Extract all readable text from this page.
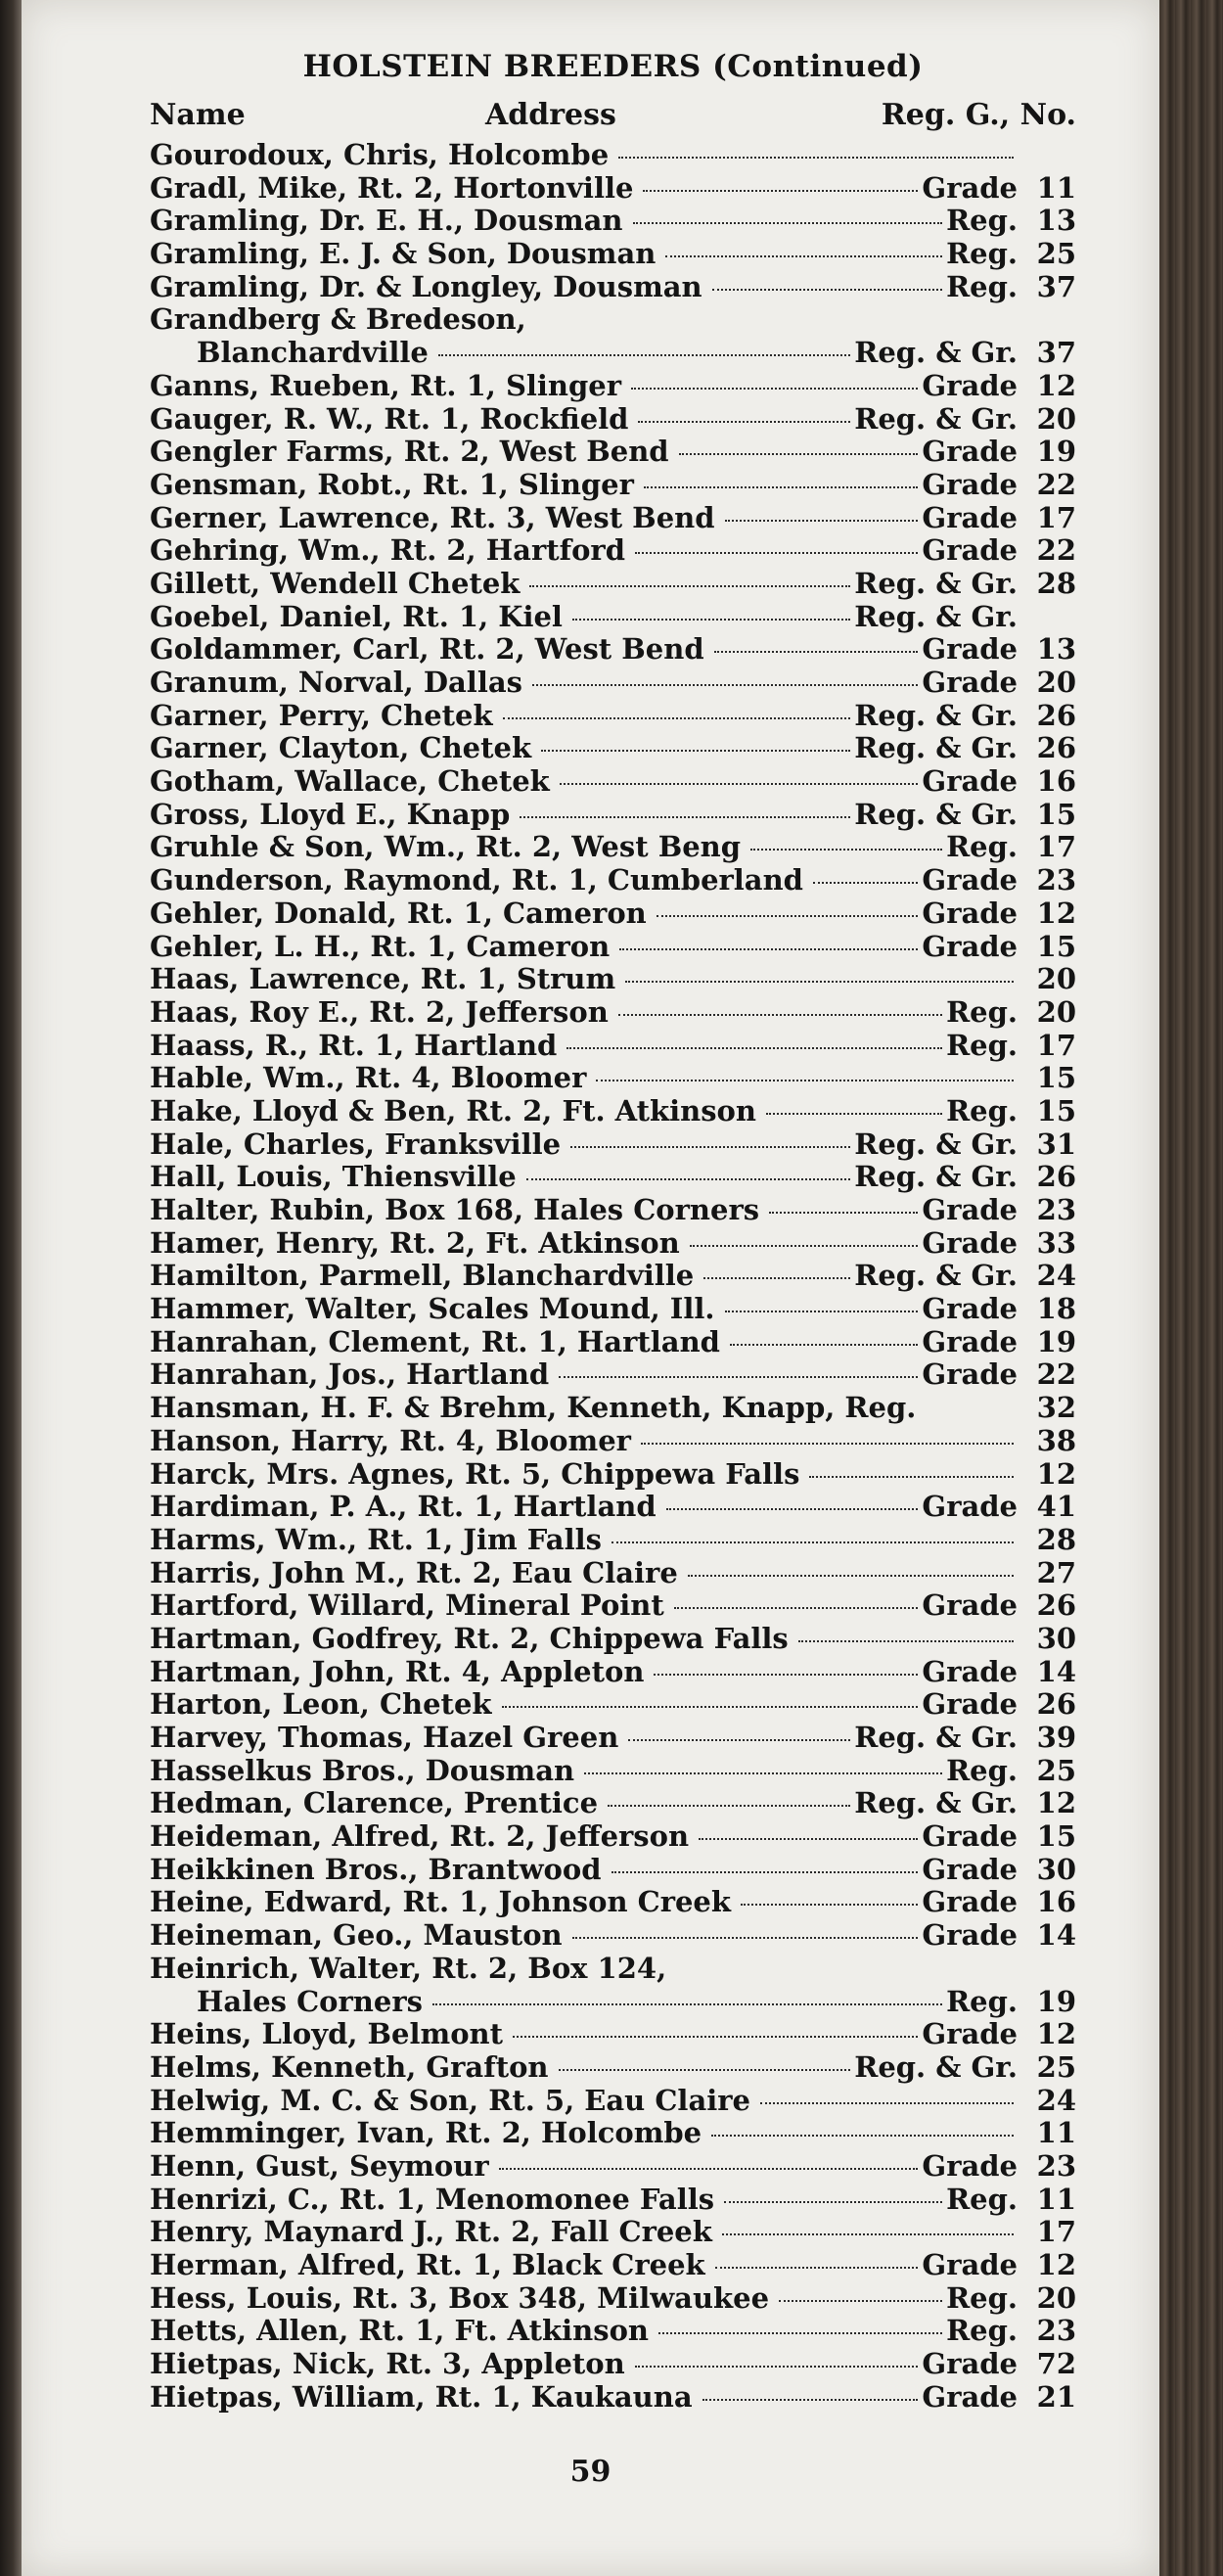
HOLSTEIN BREEDERS (Continued)
Name	Address	Reg. G., No.
Gourodoux, Chris, Holcombe
Gradl, Mike, Rt. 2, Hortonville	Grade 11
Gramling, Dr. E. H., Dousman	Reg. 13
Gramling, E. J. & Son, Dousman	Reg. 25
Gramling, Dr. & Longley, Dousman	Reg. 37
Grandberg & Bredeson,
Blanchardville	Reg. & Gr. 37
Ganns, Rueben, Rt. 1, Slinger	Grade 12
Gauger, R. W., Rt. 1, Rockfield	Reg. & Gr. 20
Gengler Farms, Rt. 2, West Bend	Grade 19
Gensman, Robt., Rt. 1, Slinger	Grade 22
Gerner, Lawrence, Rt. 3, West Bend	Grade 17
Gehring, Wm., Rt. 2, Hartford	Grade 22
Gillett, Wendell Chetek	Reg. & Gr. 28
Goebel, Daniel, Rt. 1, Kiel	Reg. & Gr.
Goldammer, Carl, Rt. 2, West Bend	Grade 13
Granum, Norval, Dallas	Grade 20
Garner, Perry, Chetek	Reg. & Gr. 26
Garner, Clayton, Chetek	Reg. & Gr. 26
Gotham, Wallace, Chetek	Grade 16
Gross, Lloyd E., Knapp	Reg. & Gr. 15
Gruhle & Son, Wm., Rt. 2, West Beng	Reg. 17
Gunderson, Raymond, Rt. 1, Cumberland	Grade 23
Gehler, Donald, Rt. 1, Cameron	Grade 12
Gehler, L. H., Rt. 1, Cameron	Grade 15
Haas, Lawrence, Rt. 1, Strum	20
Haas, Roy E., Rt. 2, Jefferson	Reg. 20
Haass, R., Rt. 1, Hartland	Reg. 17
Hable, Wm., Rt. 4, Bloomer	15
Hake, Lloyd & Ben, Rt. 2, Ft. Atkinson	Reg. 15
Hale, Charles, Franksville	Reg. & Gr. 31
Hall, Louis, Thiensville	Reg. & Gr. 26
Halter, Rubin, Box 168, Hales Corners	Grade 23
Hamer, Henry, Rt. 2, Ft. Atkinson	Grade 33
Hamilton, Parmell, Blanchardville	Reg. & Gr. 24
Hammer, Walter, Scales Mound, Ill.	Grade 18
Hanrahan, Clement, Rt. 1, Hartland	Grade 19
Hanrahan, Jos., Hartland	Grade 22
Hansman, H. F. & Brehm, Kenneth, Knapp, Reg.	32
Hanson, Harry, Rt. 4, Bloomer	38
Harck, Mrs. Agnes, Rt. 5, Chippewa Falls	12
Hardiman, P. A., Rt. 1, Hartland	Grade 41
Harms, Wm., Rt. 1, Jim Falls	28
Harris, John M., Rt. 2, Eau Claire	27
Hartford, Willard, Mineral Point	Grade 26
Hartman, Godfrey, Rt. 2, Chippewa Falls	30
Hartman, John, Rt. 4, Appleton	Grade 14
Harton, Leon, Chetek	Grade 26
Harvey, Thomas, Hazel Green	Reg. & Gr. 39
Hasselkus Bros., Dousman	Reg. 25
Hedman, Clarence, Prentice	Reg. & Gr. 12
Heideman, Alfred, Rt. 2, Jefferson	Grade 15
Heikkinen Bros., Brantwood	Grade 30
Heine, Edward, Rt. 1, Johnson Creek	Grade 16
Heineman, Geo., Mauston	Grade 14
Heinrich, Walter, Rt. 2, Box 124,
Hales Corners	Reg. 19
Heins, Lloyd, Belmont	Grade 12
Helms, Kenneth, Grafton	Reg. & Gr. 25
Helwig, M. C. & Son, Rt. 5, Eau Claire	24
Hemminger, Ivan, Rt. 2, Holcombe	11
Henn, Gust, Seymour	Grade 23
Henrizi, C., Rt. 1, Menomonee Falls	Reg. 11
Henry, Maynard J., Rt. 2, Fall Creek	17
Herman, Alfred, Rt. 1, Black Creek	Grade 12
Hess, Louis, Rt. 3, Box 348, Milwaukee	Reg. 20
Hetts, Allen, Rt. 1, Ft. Atkinson	Reg. 23
Hietpas, Nick, Rt. 3, Appleton	Grade 72
Hietpas, William, Rt. 1, Kaukauna	Grade 21
59
